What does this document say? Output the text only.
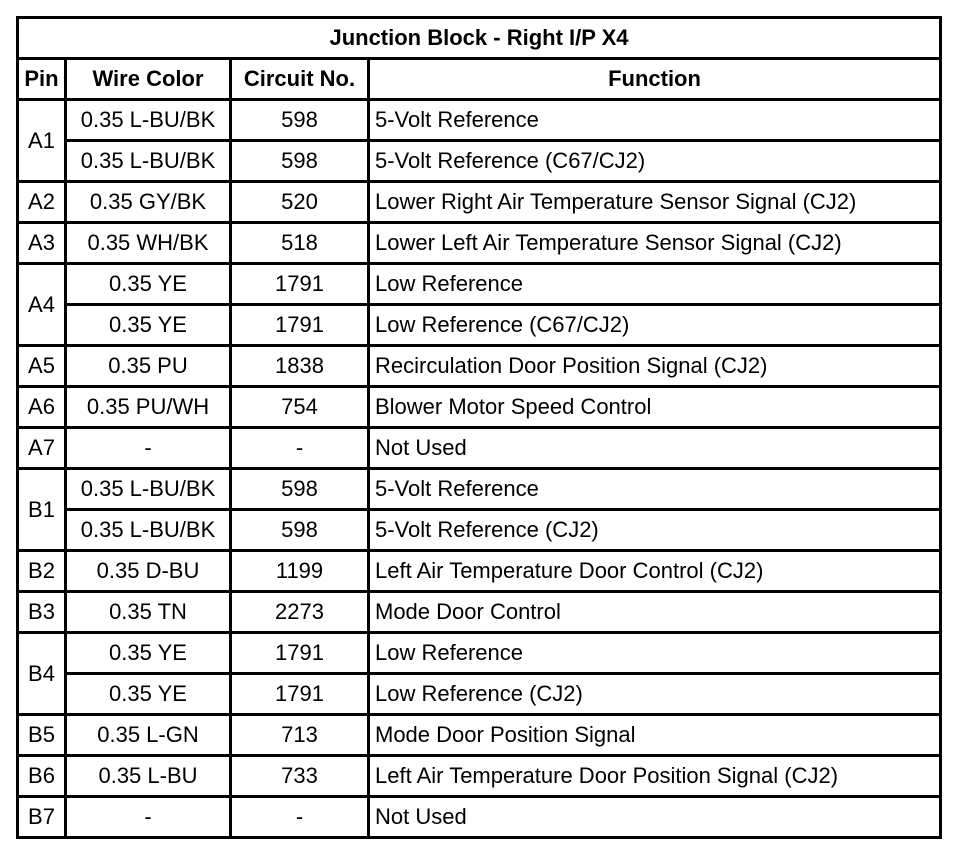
Junction Block - Right I/P X4			
Pin	Wire Color	Circuit No.	Function
A1	0.35 L-BU/BK	598	5-Volt Reference
	0.35 L-BU/BK	598	5-Volt Reference (C67/CJ2)
A2	0.35 GY/BK	520	Lower Right Air Temperature Sensor Signal (CJ2)
A3	0.35 WH/BK	518	Lower Left Air Temperature Sensor Signal (CJ2)
A4	0.35 YE	1791	Low Reference
	0.35 YE	1791	Low Reference (C67/CJ2)
A5	0.35 PU	1838	Recirculation Door Position Signal (CJ2)
A6	0.35 PU/WH	754	Blower Motor Speed Control
A7	-	-	Not Used
B1	0.35 L-BU/BK	598	5-Volt Reference
	0.35 L-BU/BK	598	5-Volt Reference (CJ2)
B2	0.35 D-BU	1199	Left Air Temperature Door Control (CJ2)
B3	0.35 TN	2273	Mode Door Control
B4	0.35 YE	1791	Low Reference
	0.35 YE	1791	Low Reference (CJ2)
B5	0.35 L-GN	713	Mode Door Position Signal
B6	0.35 L-BU	733	Left Air Temperature Door Position Signal (CJ2)
B7	-	-	Not Used
